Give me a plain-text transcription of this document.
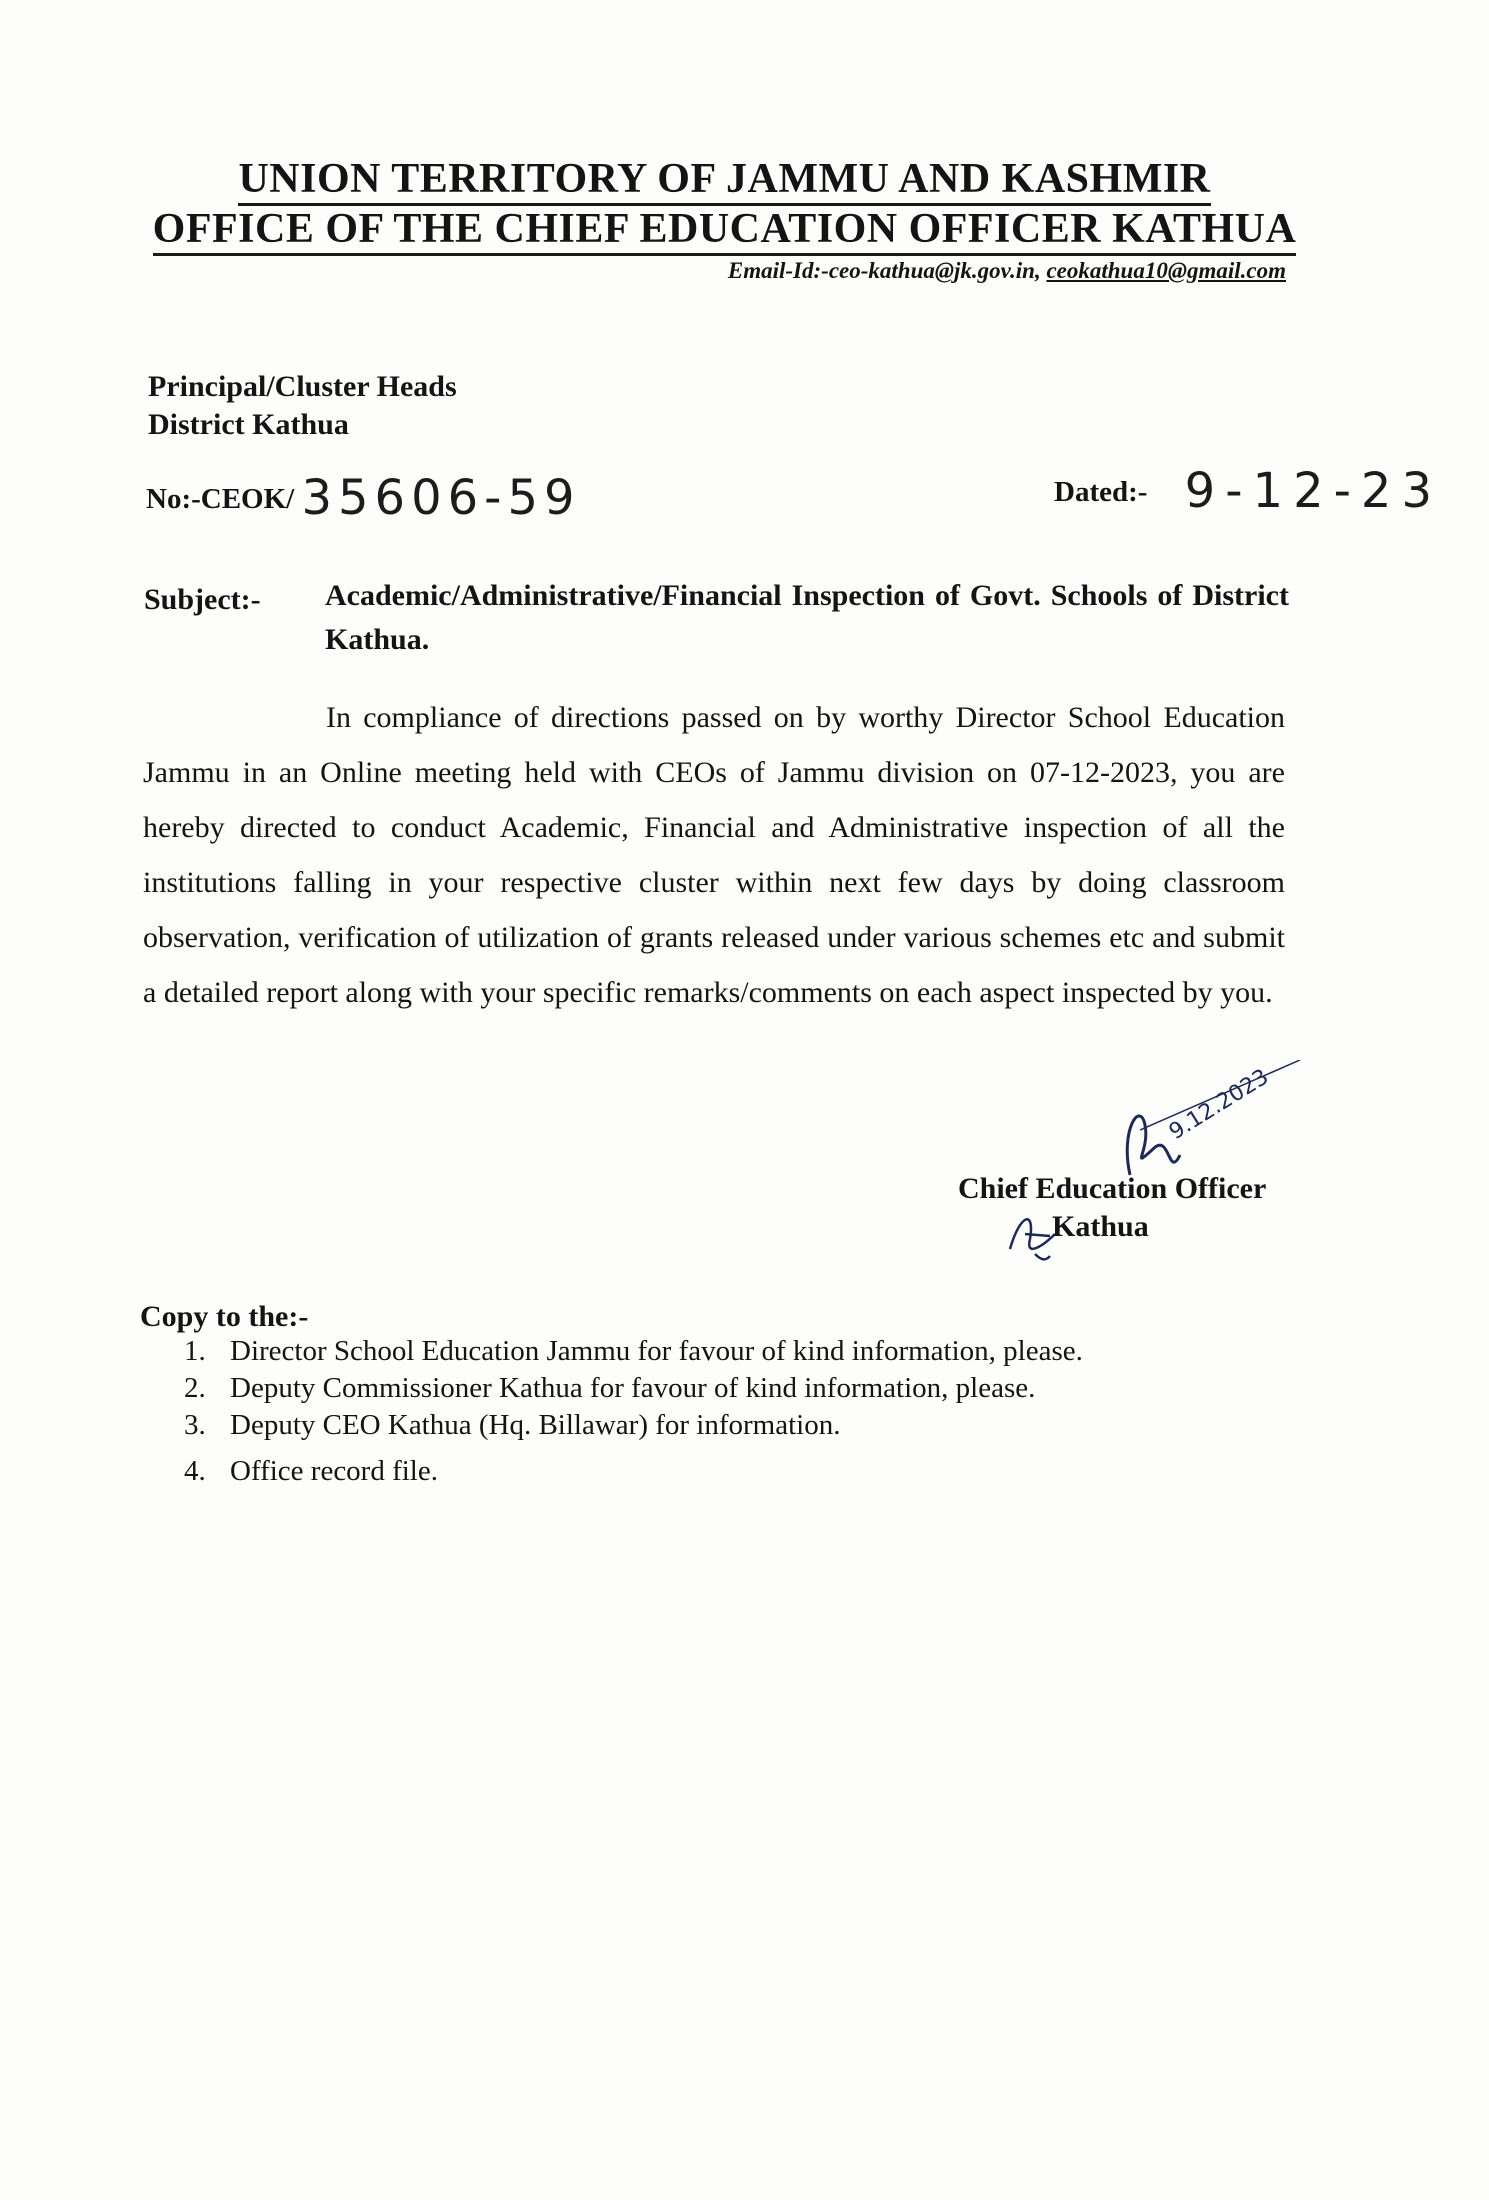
UNION TERRITORY OF JAMMU AND KASHMIR
OFFICE OF THE CHIEF EDUCATION OFFICER KATHUA
Email-Id:-ceo-kathua@jk.gov.in, ceokathua10@gmail.com
Principal/Cluster Heads
District Kathua
No:-CEOK/ 35606-59	Dated:- 9-12-23
Subject:- Academic/Administrative/Financial Inspection of Govt. Schools of District Kathua.
In compliance of directions passed on by worthy Director School Education Jammu in an Online meeting held with CEOs of Jammu division on 07-12-2023, you are hereby directed to conduct Academic, Financial and Administrative inspection of all the institutions falling in your respective cluster within next few days by doing classroom observation, verification of utilization of grants released under various schemes etc and submit a detailed report along with your specific remarks/comments on each aspect inspected by you.
9.12.2023
Chief Education Officer
Kathua
Copy to the:-
1. Director School Education Jammu for favour of kind information, please.
2. Deputy Commissioner Kathua for favour of kind information, please.
3. Deputy CEO Kathua (Hq. Billawar) for information.
4. Office record file.
